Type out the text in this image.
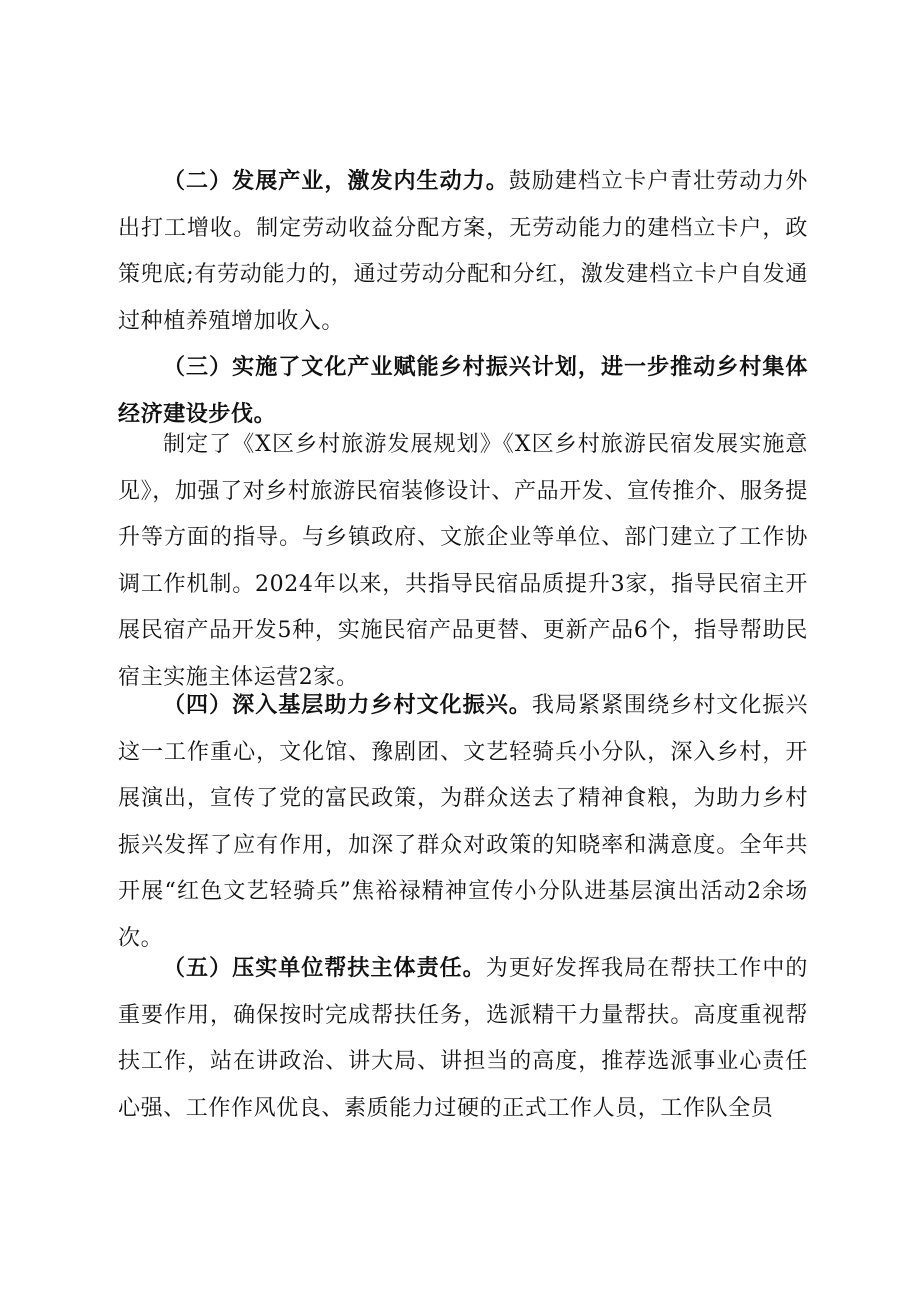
（二）发展产业，激发内生动力。鼓励建档立卡户青壮劳动力外出打工增收。制定劳动收益分配方案，无劳动能力的建档立卡户，政策兜底;有劳动能力的，通过劳动分配和分红，激发建档立卡户自发通过种植养殖增加收入。

（三）实施了文化产业赋能乡村振兴计划，进一步推动乡村集体经济建设步伐。

制定了《X区乡村旅游发展规划》《X区乡村旅游民宿发展实施意见》，加强了对乡村旅游民宿装修设计、产品开发、宣传推介、服务提升等方面的指导。与乡镇政府、文旅企业等单位、部门建立了工作协调工作机制。2024年以来，共指导民宿品质提升3家，指导民宿主开展民宿产品开发5种，实施民宿产品更替、更新产品6个，指导帮助民宿主实施主体运营2家。

（四）深入基层助力乡村文化振兴。我局紧紧围绕乡村文化振兴这一工作重心，文化馆、豫剧团、文艺轻骑兵小分队，深入乡村，开展演出，宣传了党的富民政策，为群众送去了精神食粮，为助力乡村振兴发挥了应有作用，加深了群众对政策的知晓率和满意度。全年共开展“红色文艺轻骑兵”焦裕禄精神宣传小分队进基层演出活动2余场次。

（五）压实单位帮扶主体责任。为更好发挥我局在帮扶工作中的重要作用，确保按时完成帮扶任务，选派精干力量帮扶。高度重视帮扶工作，站在讲政治、讲大局、讲担当的高度，推荐选派事业心责任心强、工作作风优良、素质能力过硬的正式工作人员，工作队全员
